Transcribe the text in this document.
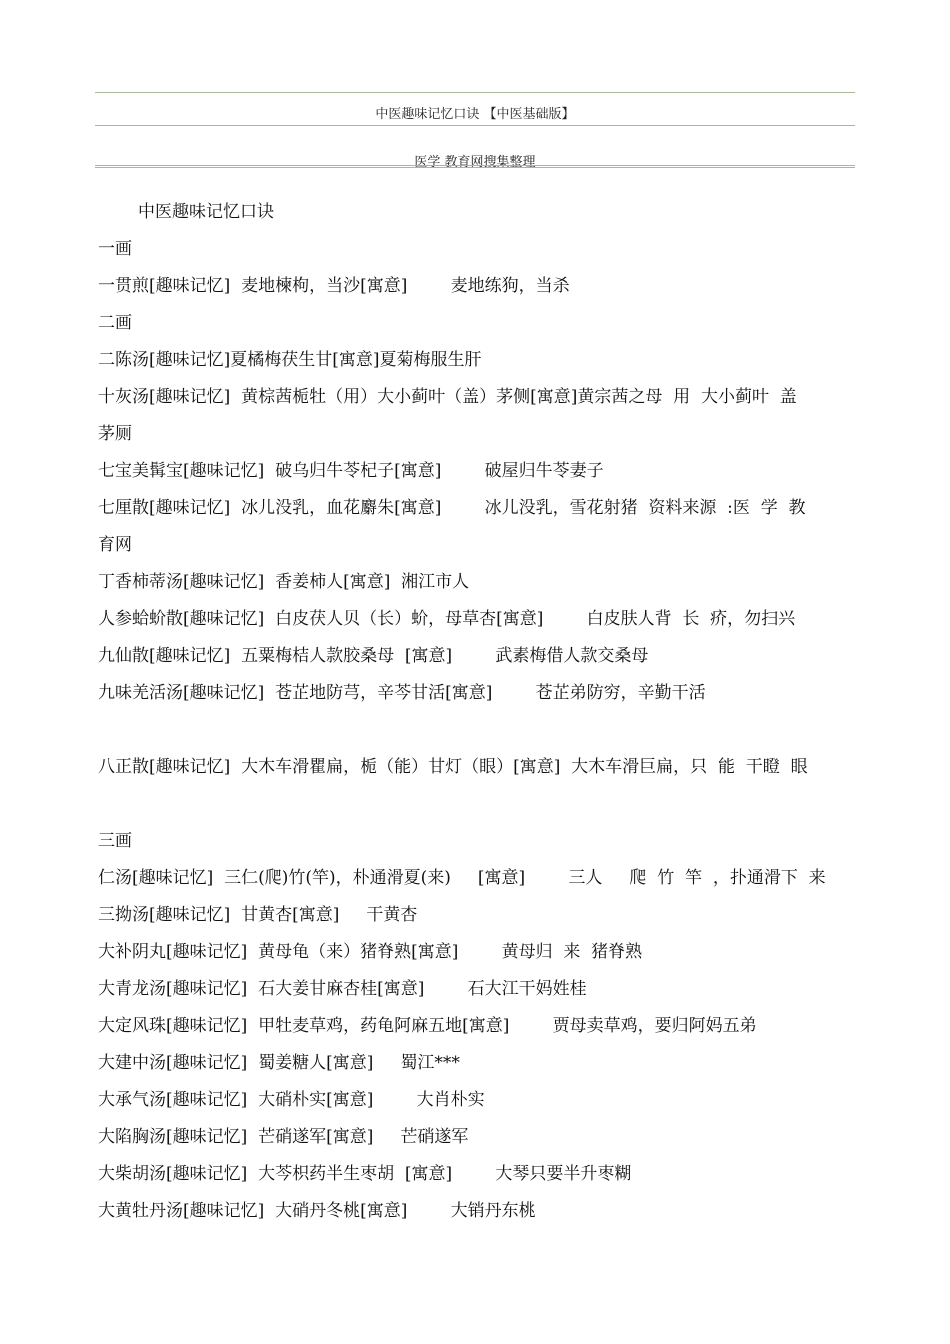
中医趣味记忆口诀 【中医基础版】
医学 教育网搜集整理
中医趣味记忆口诀
一画
一贯煎[趣味记忆]  麦地楝枸，当沙[寓意]        麦地练狗，当杀
二画
二陈汤[趣味记忆]夏橘梅茯生甘[寓意]夏菊梅服生肝
十灰汤[趣味记忆]  黄棕茜栀牡（用）大小蓟叶（盖）茅侧[寓意]黄宗茜之母  用  大小蓟叶  盖
茅厕
七宝美髯宝[趣味记忆]  破乌归牛苓杞子[寓意]        破屋归牛苓妻子
七厘散[趣味记忆]  冰儿没乳，血花麝朱[寓意]        冰儿没乳，雪花射猪  资料来源  :医  学  教
育网
丁香柿蒂汤[趣味记忆]  香姜柿人[寓意]  湘江市人
人参蛤蚧散[趣味记忆]  白皮茯人贝（长）蚧，母草杏[寓意]        白皮肤人背  长  疥，勿扫兴
九仙散[趣味记忆]  五粟梅桔人款胶桑母  [寓意]        武素梅借人款交桑母
九味羌活汤[趣味记忆]  苍芷地防芎，辛芩甘活[寓意]        苍芷弟防穷，辛勤干活
八正散[趣味记忆]  大木车滑瞿扁，栀（能）甘灯（眼）[寓意]  大木车滑巨扁，只  能  干瞪  眼
三画
仁汤[趣味记忆]  三仁(爬)竹(竿)，朴通滑夏(来)     [寓意]        三人     爬  竹  竿  ，扑通滑下  来
三拗汤[趣味记忆]  甘黄杏[寓意]     干黄杏
大补阴丸[趣味记忆]  黄母龟（来）猪脊熟[寓意]        黄母归  来  猪脊熟
大青龙汤[趣味记忆]  石大姜甘麻杏桂[寓意]        石大江干妈姓桂
大定风珠[趣味记忆]  甲牡麦草鸡，药龟阿麻五地[寓意]        贾母卖草鸡，要归阿妈五弟
大建中汤[趣味记忆]  蜀姜糖人[寓意]     蜀江***
大承气汤[趣味记忆]  大硝朴实[寓意]        大肖朴实
大陷胸汤[趣味记忆]  芒硝遂军[寓意]     芒硝遂军
大柴胡汤[趣味记忆]  大芩枳药半生枣胡  [寓意]        大琴只要半升枣糊
大黄牡丹汤[趣味记忆]  大硝丹冬桃[寓意]        大销丹东桃
